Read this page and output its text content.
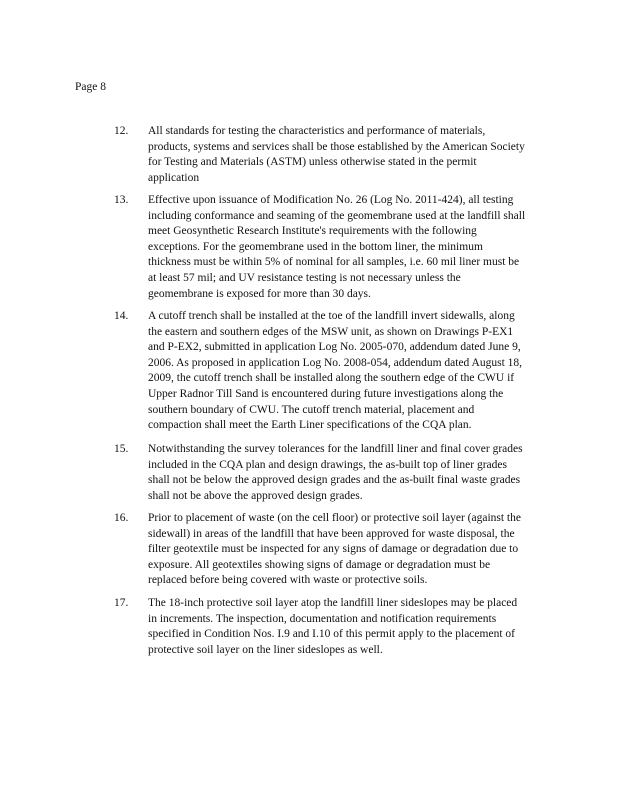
Page 8
12. All standards for testing the characteristics and performance of materials,
products, systems and services shall be those established by the American Society
for Testing and Materials (ASTM) unless otherwise stated in the permit
application
13. Effective upon issuance of Modification No. 26 (Log No. 2011-424), all testing
including conformance and seaming of the geomembrane used at the landfill shall
meet Geosynthetic Research Institute's requirements with the following
exceptions. For the geomembrane used in the bottom liner, the minimum
thickness must be within 5% of nominal for all samples, i.e. 60 mil liner must be
at least 57 mil; and UV resistance testing is not necessary unless the
geomembrane is exposed for more than 30 days.
14. A cutoff trench shall be installed at the toe of the landfill invert sidewalls, along
the eastern and southern edges of the MSW unit, as shown on Drawings P-EX1
and P-EX2, submitted in application Log No. 2005-070, addendum dated June 9,
2006. As proposed in application Log No. 2008-054, addendum dated August 18,
2009, the cutoff trench shall be installed along the southern edge of the CWU if
Upper Radnor Till Sand is encountered during future investigations along the
southern boundary of CWU. The cutoff trench material, placement and
compaction shall meet the Earth Liner specifications of the CQA plan.
15. Notwithstanding the survey tolerances for the landfill liner and final cover grades
included in the CQA plan and design drawings, the as-built top of liner grades
shall not be below the approved design grades and the as-built final waste grades
shall not be above the approved design grades.
16. Prior to placement of waste (on the cell floor) or protective soil layer (against the
sidewall) in areas of the landfill that have been approved for waste disposal, the
filter geotextile must be inspected for any signs of damage or degradation due to
exposure. All geotextiles showing signs of damage or degradation must be
replaced before being covered with waste or protective soils.
17. The 18-inch protective soil layer atop the landfill liner sideslopes may be placed
in increments. The inspection, documentation and notification requirements
specified in Condition Nos. I.9 and I.10 of this permit apply to the placement of
protective soil layer on the liner sideslopes as well.
